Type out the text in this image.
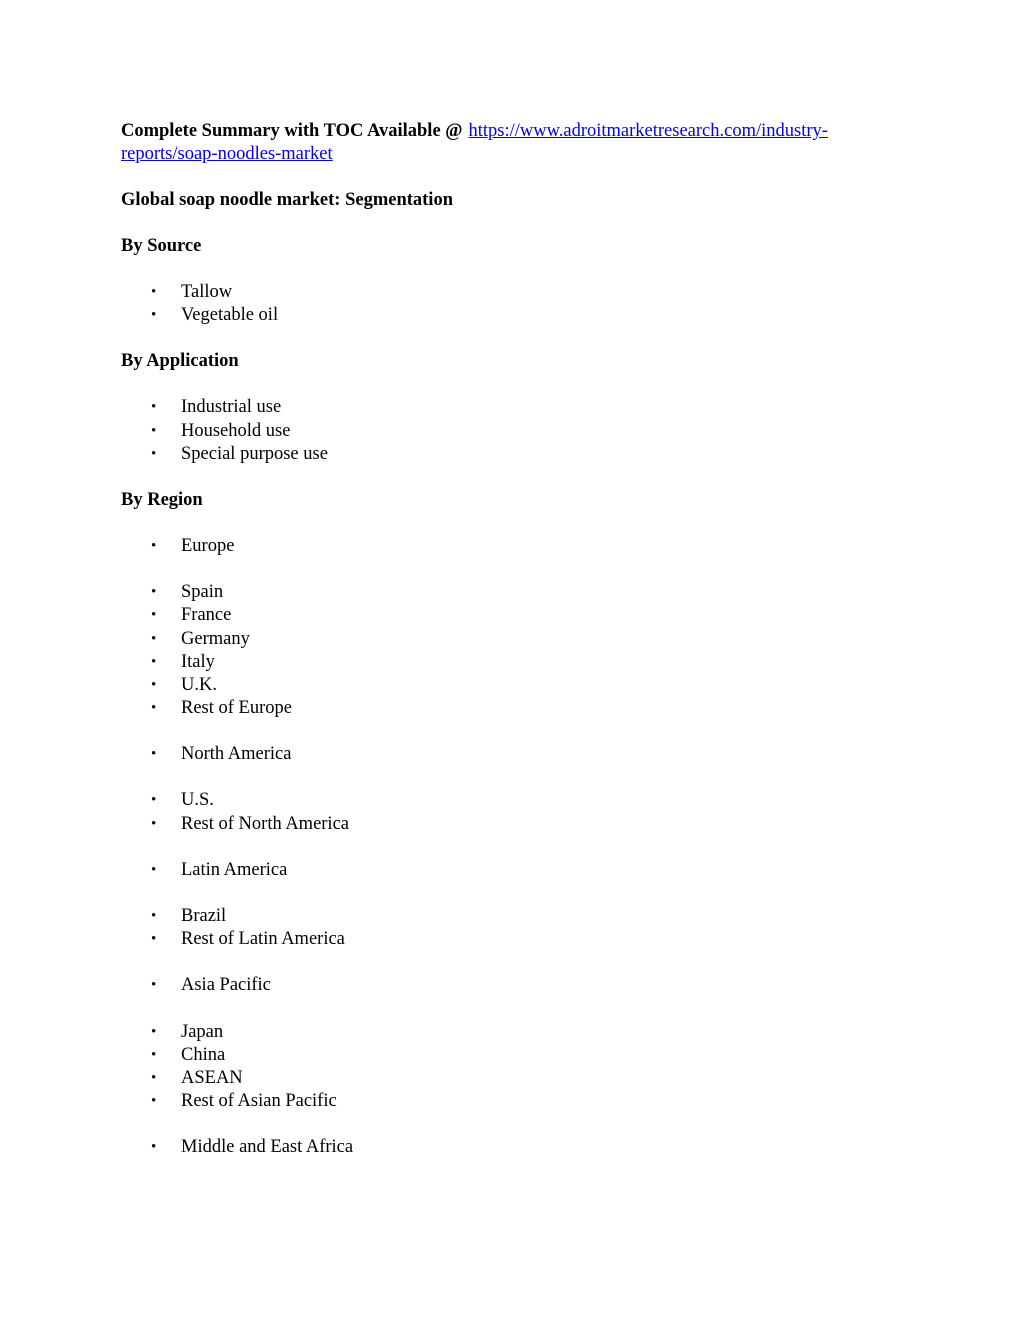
Complete Summary with TOC Available @ https://www.adroitmarketresearch.com/industry-
reports/soap-noodles-market

Global soap noodle market: Segmentation

By Source

• Tallow
• Vegetable oil

By Application

• Industrial use
• Household use
• Special purpose use

By Region

• Europe
• Spain
• France
• Germany
• Italy
• U.K.
• Rest of Europe
• North America
• U.S.
• Rest of North America
• Latin America
• Brazil
• Rest of Latin America
• Asia Pacific
• Japan
• China
• ASEAN
• Rest of Asian Pacific
• Middle and East Africa
